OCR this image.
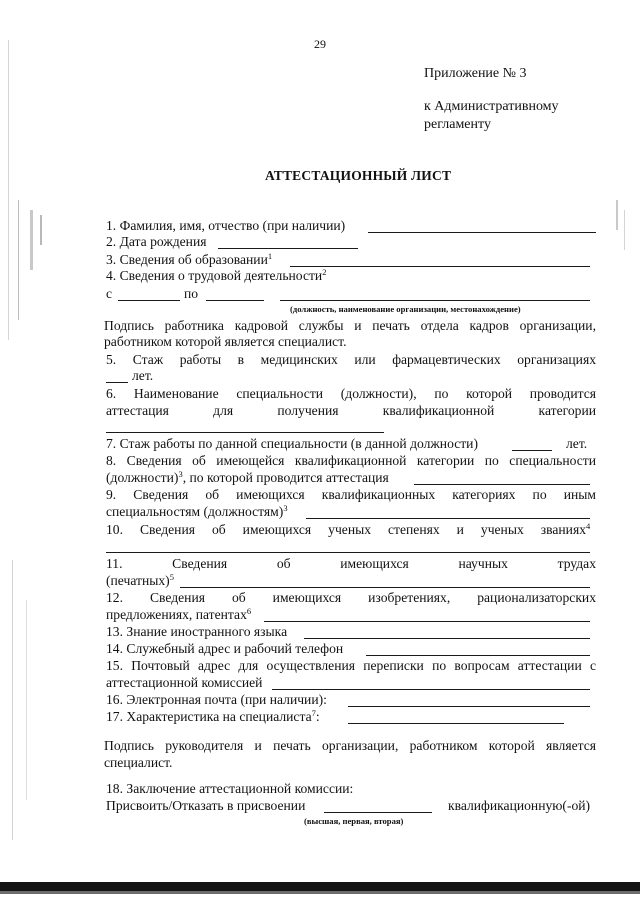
29
Приложение № 3
к Административному
регламенту
АТТЕСТАЦИОННЫЙ ЛИСТ
1. Фамилия, имя, отчество (при наличии)
2. Дата рождения
3. Сведения об образовании$^1$
4. Сведения о трудовой деятельности$^2$
с	по
(должность, наименование организации, местонахождение)
Подпись работника кадровой службы и печать отдела кадров организации,
работником которой является специалист.
5. Стаж работы в медицинских или фармацевтических организациях
лет.
6. Наименование специальности (должности), по которой проводится
аттестация для получения квалификационной категории
7. Стаж работы по данной специальности (в данной должности)	лет.
8. Сведения об имеющейся квалификационной категории по специальности
(должности)$^3$, по которой проводится аттестация
9. Сведения об имеющихся квалификационных категориях по иным
специальностям (должностям)$^3$
10. Сведения об имеющихся ученых степенях и ученых званиях$^4$
11. Сведения об имеющихся научных трудах
(печатных)$^5$
12. Сведения об имеющихся изобретениях, рационализаторских
предложениях, патентах$^6$
13. Знание иностранного языка
14. Служебный адрес и рабочий телефон
15. Почтовый адрес для осуществления переписки по вопросам аттестации с
аттестационной комиссией
16. Электронная почта (при наличии):
17. Характеристика на специалиста$^7$:
Подпись руководителя и печать организации, работником которой является
специалист.
18. Заключение аттестационной комиссии:
Присвоить/Отказать в присвоении	квалификационную(-ой)
(высшая, первая, вторая)
